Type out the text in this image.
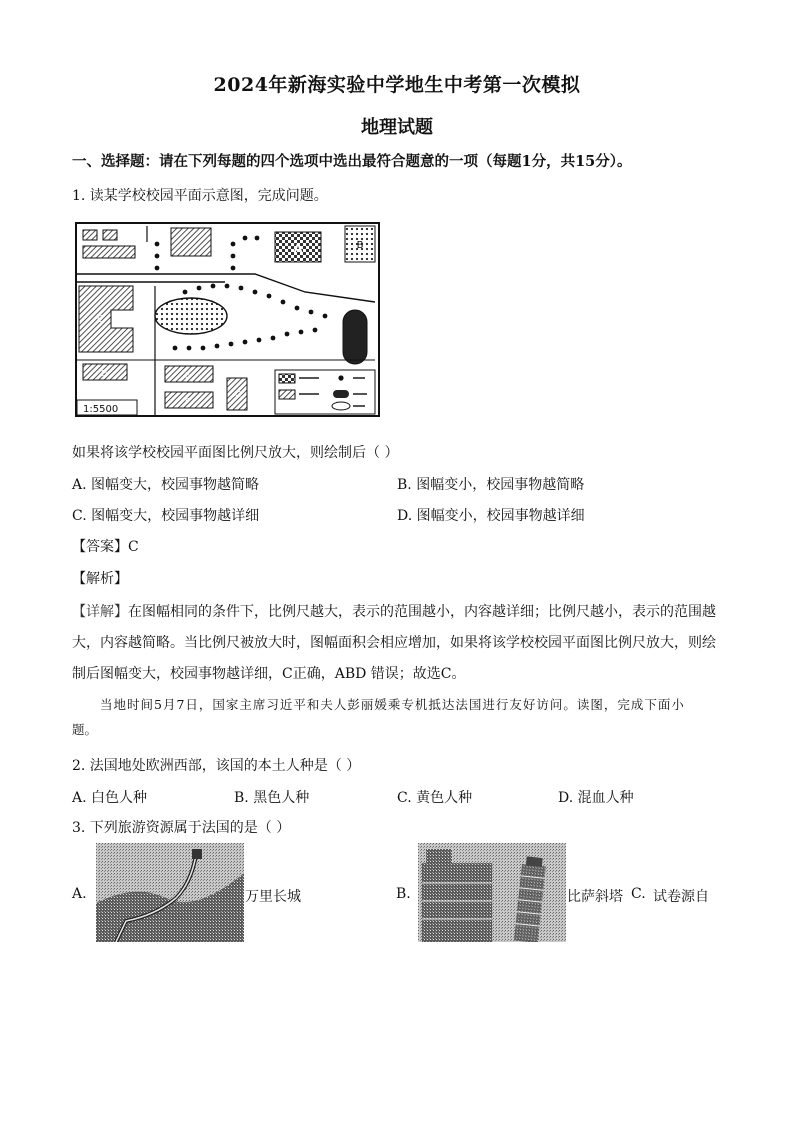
2024年新海实验中学地生中考第一次模拟
地理试题
一、选择题：请在下列每题的四个选项中选出最符合题意的一项（每题1分，共15分）。
1. 读某学校校园平面示意图，完成问题。
A	B
C
D	E
F
G
1:5500
如果将该学校校园平面图比例尺放大，则绘制后（ ）
A. 图幅变大，校园事物越简略	B. 图幅变小，校园事物越简略
C. 图幅变大，校园事物越详细	D. 图幅变小，校园事物越详细
【答案】C
【解析】
【详解】在图幅相同的条件下，比例尺越大，表示的范围越小，内容越详细；比例尺越小，表示的范围越大，内容越简略。当比例尺被放大时，图幅面积会相应增加，如果将该学校校园平面图比例尺放大，则绘制后图幅变大，校园事物越详细，C正确，ABD 错误；故选C。
当地时间5月7日，国家主席习近平和夫人彭丽媛乘专机抵达法国进行友好访问。读图，完成下面小
题。
2. 法国地处欧洲西部，该国的本土人种是（ ）
A. 白色人种	B. 黑色人种	C. 黄色人种	D. 混血人种
3. 下列旅游资源属于法国的是（ ）
A.	万里长城	B.	比萨斜塔 C. 试卷源自
